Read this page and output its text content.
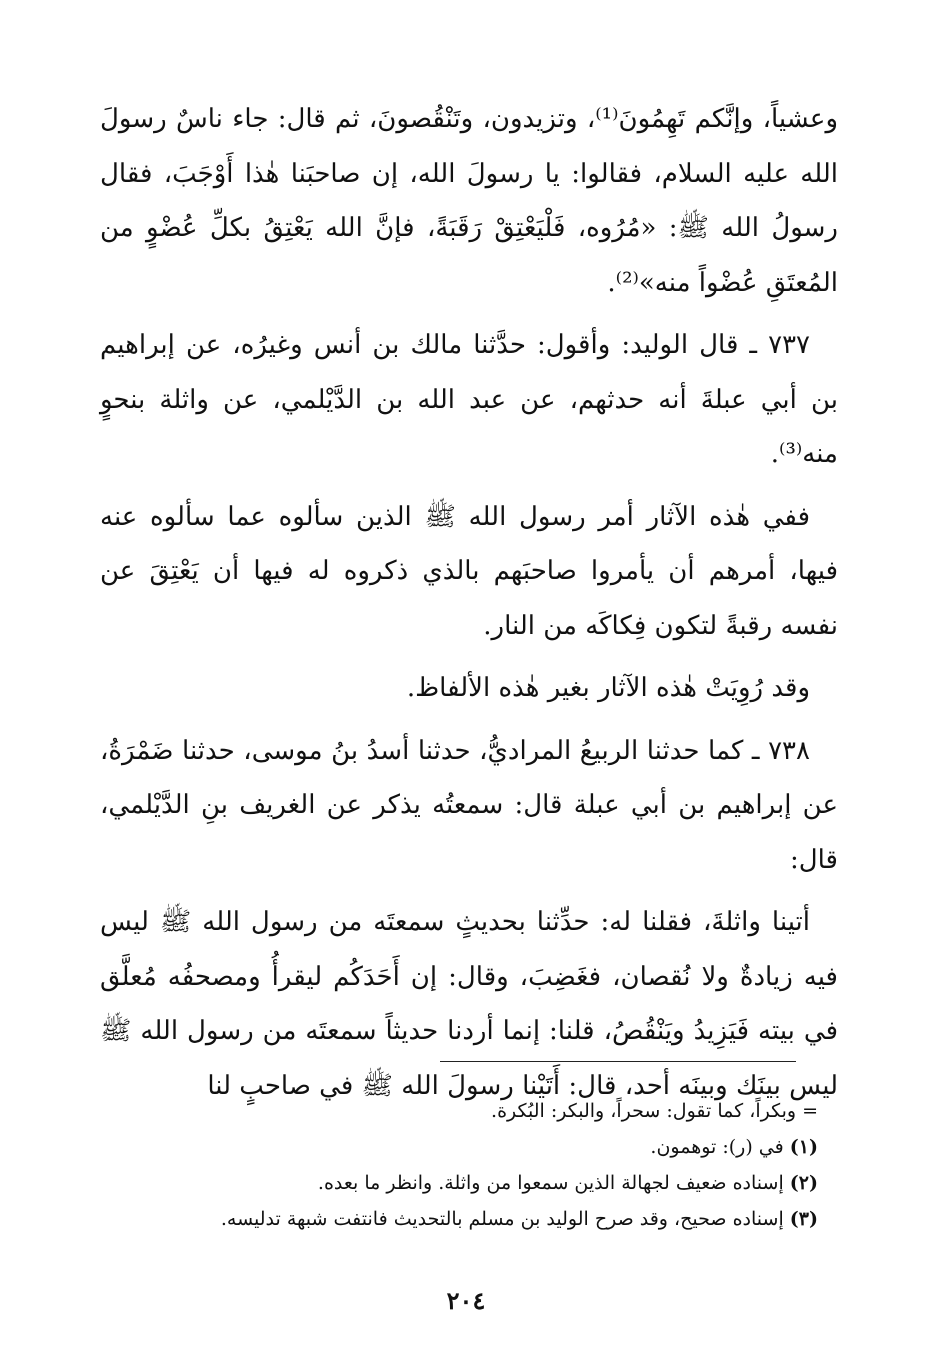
وعشياً، وإنَّكم تَهِمُونَ⁽¹⁾، وتزيدون، وتَنْقُصونَ، ثم قال: جاء ناسٌ رسولَ الله عليه السلام، فقالوا: يا رسولَ الله، إن صاحبَنا هٰذا أَوْجَبَ، فقال رسولُ الله ﷺ: «مُرُوه، فَلْيَعْتِقْ رَقَبَةً، فإنَّ الله يَعْتِقُ بكلِّ عُضْوٍ من المُعتَقِ عُضْواً منه»⁽²⁾.

٧٣٧ ـ قال الوليد: وأقول: حدَّثنا مالك بن أنس وغيرُه، عن إبراهيم بن أبي عبلةَ أنه حدثهم، عن عبد الله بن الدَّيْلمي، عن واثلة بنحوٍ منه⁽³⁾.

ففي هٰذه الآثار أمر رسول الله ﷺ الذين سألوه عما سألوه عنه فيها، أمرهم أن يأمروا صاحبَهم بالذي ذكروه له فيها أن يَعْتِقَ عن نفسه رقبةً لتكون فِكاكَه من النار.

وقد رُوِيَتْ هٰذه الآثار بغير هٰذه الألفاظ.

٧٣٨ ـ كما حدثنا الربيعُ المراديُّ، حدثنا أسدُ بنُ موسى، حدثنا ضَمْرَةُ، عن إبراهيم بن أبي عبلة قال: سمعتُه يذكر عن الغريف بنِ الدَّيْلمي، قال:

أتينا واثلةَ، فقلنا له: حدِّثنا بحديثٍ سمعتَه من رسول الله ﷺ ليس فيه زيادةٌ ولا نُقصان، فغَضِبَ، وقال: إن أَحَدَكُم ليقرأُ ومصحفُه مُعلَّق في بيته فَيَزِيدُ ويَنْقُصُ، قلنا: إنما أردنا حديثاً سمعتَه من رسول الله ﷺ ليس بينَك وبينَه أحد، قال: أَتَيْنا رسولَ الله ﷺ في صاحبٍ لنا

= وبكراً، كما تقول: سحراً، والبكر: البُكرة.

(١) في (ر): توهمون.

(٢) إسناده ضعيف لجهالة الذين سمعوا من واثلة. وانظر ما بعده.

(٣) إسناده صحيح، وقد صرح الوليد بن مسلم بالتحديث فانتفت شبهة تدليسه.

٢٠٤
